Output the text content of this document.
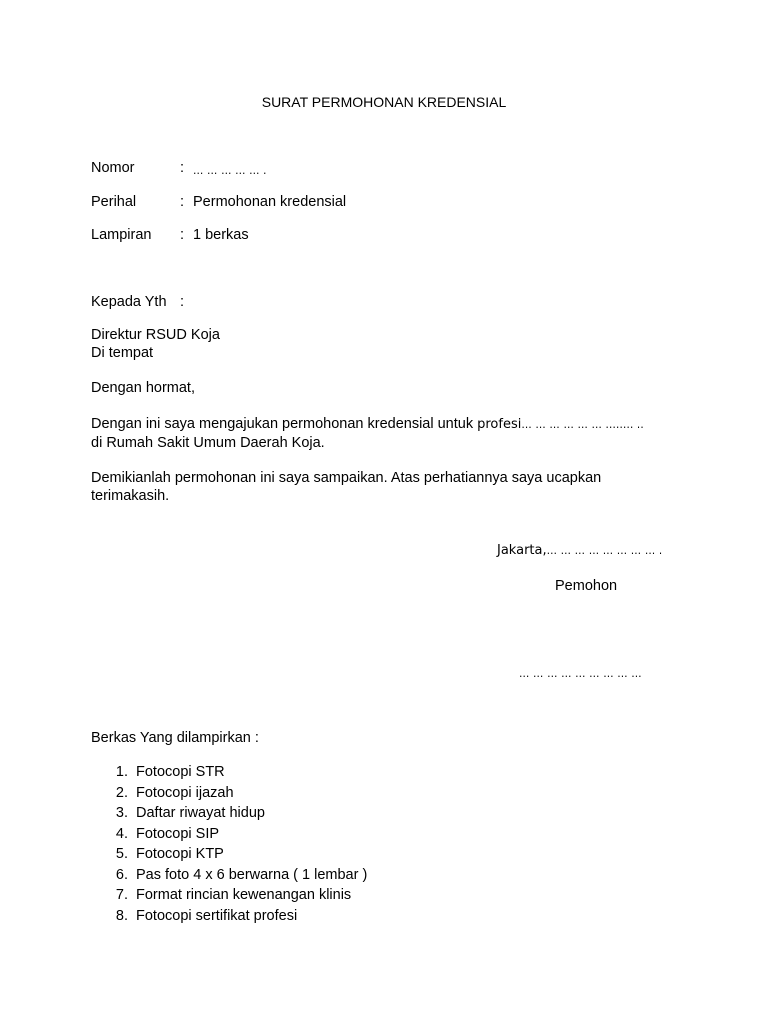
SURAT PERMOHONAN KREDENSIAL
Nomor	: … … … … … .
Perihal	: Permohonan kredensial
Lampiran : 1 berkas
Kepada Yth :
Direktur RSUD Koja
Di tempat
Dengan hormat,
Dengan ini saya mengajukan permohonan kredensial untuk profesi… … … … … … ........ ..
di Rumah Sakit Umum Daerah Koja.
Demikianlah permohonan ini saya sampaikan. Atas perhatiannya saya ucapkan
terimakasih.
Jakarta,… … … … … … … … .
Pemohon
… … … … … … … … …
Berkas Yang dilampirkan :
1. Fotocopi STR
2. Fotocopi ijazah
3. Daftar riwayat hidup
4. Fotocopi SIP
5. Fotocopi KTP
6. Pas foto 4 x 6 berwarna ( 1 lembar )
7. Format rincian kewenangan klinis
8. Fotocopi sertifikat profesi
